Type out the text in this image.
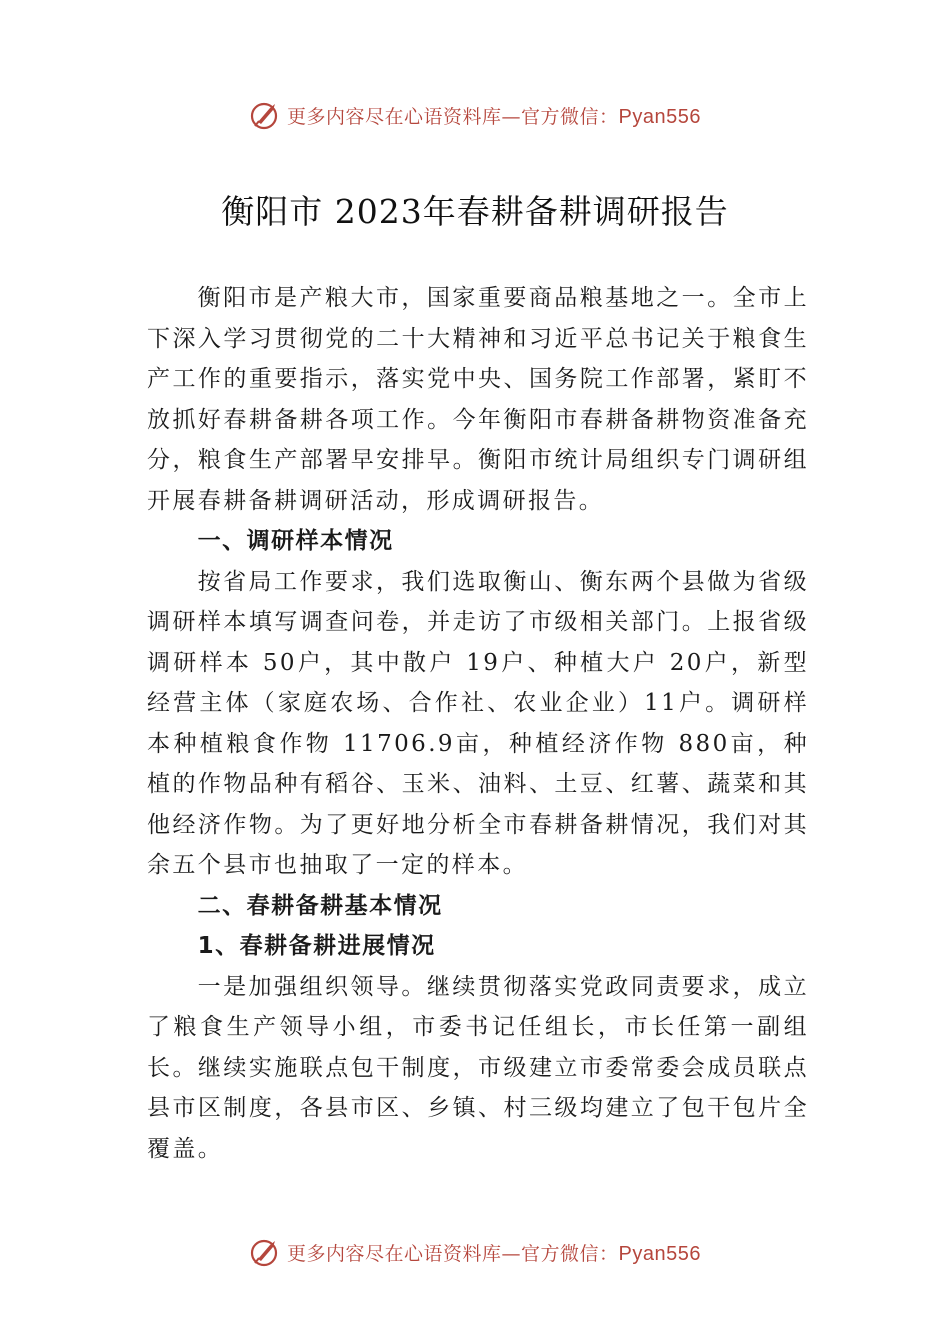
更多内容尽在心语资料库—官方微信：Pyan556
衡阳市 2023年春耕备耕调研报告

衡阳市是产粮大市，国家重要商品粮基地之一。全市上下深入学习贯彻党的二十大精神和习近平总书记关于粮食生产工作的重要指示，落实党中央、国务院工作部署，紧盯不放抓好春耕备耕各项工作。今年衡阳市春耕备耕物资准备充分，粮食生产部署早安排早。衡阳市统计局组织专门调研组开展春耕备耕调研活动，形成调研报告。

一、调研样本情况

按省局工作要求，我们选取衡山、衡东两个县做为省级调研样本填写调查问卷，并走访了市级相关部门。上报省级调研样本 50户，其中散户 19户、种植大户 20户，新型经营主体（家庭农场、合作社、农业企业）11户。调研样本种植粮食作物 11706.9亩，种植经济作物 880亩，种植的作物品种有稻谷、玉米、油料、土豆、红薯、蔬菜和其他经济作物。为了更好地分析全市春耕备耕情况，我们对其余五个县市也抽取了一定的样本。

二、春耕备耕基本情况

1、春耕备耕进展情况

一是加强组织领导。继续贯彻落实党政同责要求，成立了粮食生产领导小组，市委书记任组长，市长任第一副组长。继续实施联点包干制度，市级建立市委常委会成员联点县市区制度，各县市区、乡镇、村三级均建立了包干包片全覆盖。

更多内容尽在心语资料库—官方微信：Pyan556
